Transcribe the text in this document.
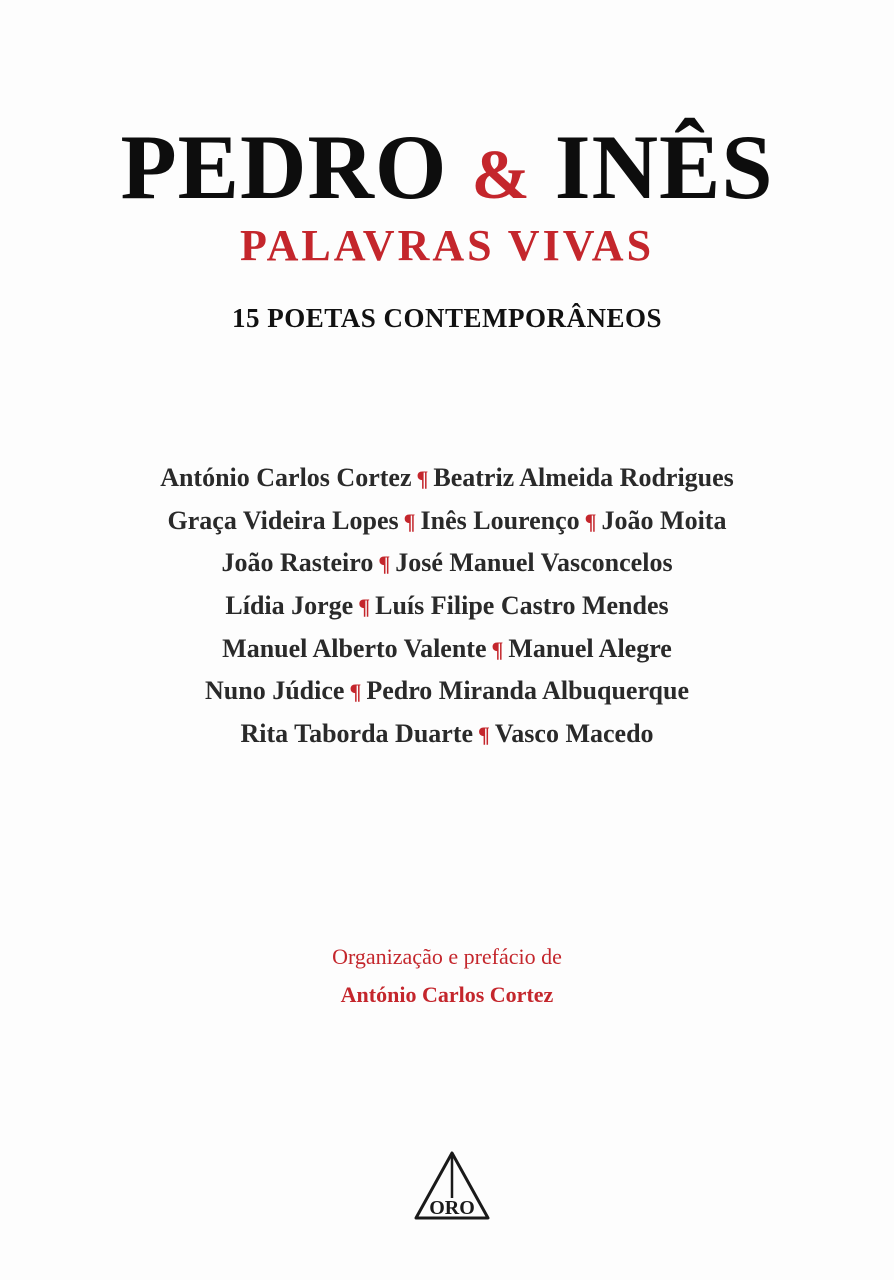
PEDRO & INÊS
PALAVRAS VIVAS
15 POETAS CONTEMPORÂNEOS
António Carlos Cortez ¶ Beatriz Almeida Rodrigues
Graça Videira Lopes ¶ Inês Lourenço ¶ João Moita
João Rasteiro ¶ José Manuel Vasconcelos
Lídia Jorge ¶ Luís Filipe Castro Mendes
Manuel Alberto Valente ¶ Manuel Alegre
Nuno Júdice ¶ Pedro Miranda Albuquerque
Rita Taborda Duarte ¶ Vasco Macedo
Organização e prefácio de
António Carlos Cortez
ORO
